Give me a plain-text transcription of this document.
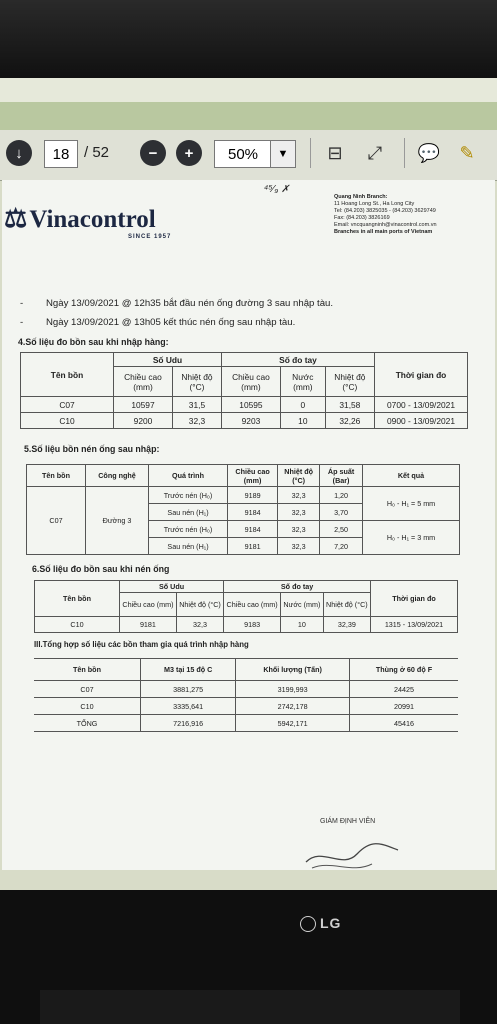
↓	18 / 52	−	+	50%	▼	⊟	⤢	💬	✎
⁴⁵⁄₉ ✗
⚖Vinacontrol
SINCE 1957
Quang Ninh Branch:
11 Hoang Long St., Ha Long City
Tel: (84.203) 3825035 - (84.203) 3629749
Fax: (84.203) 3826169
Email: vncquangninh@vinacontrol.com.vn
Branches in all main ports of Vietnam
- Ngày 13/09/2021 @ 12h35 bắt đầu nén ống đường 3 sau nhập tàu.
- Ngày 13/09/2021 @ 13h05 kết thúc nén ống sau nhập tàu.
4.Số liệu đo bồn sau khi nhập hàng:
Tên bồn	Số Udu		Số đo tay			Thời gian đo
	Chiều cao (mm)	Nhiệt độ (°C)	Chiều cao (mm)	Nước (mm)	Nhiệt độ (°C)	
C07	10597	31,5	10595	0	31,58	0700 - 13/09/2021
C10	9200	32,3	9203	10	32,26	0900 - 13/09/2021
5.Số liệu bồn nén ống sau nhập:
Tên bồn	Công nghệ	Quá trình	Chiều cao (mm)	Nhiệt độ (°C)	Áp suất (Bar)	Kết quả
C07	Đường 3	Trước nén (H₀)	9189	32,3	1,20	H₀ - H₁ = 5 mm
		Sau nén (H₁)	9184	32,3	3,70	
		Trước nén (H₀)	9184	32,3	2,50	H₀ - H₁ = 3 mm
		Sau nén (H₁)	9181	32,3	7,20	
6.Số liệu đo bồn sau khi nén ống
Tên bồn	Số Udu		Số đo tay			Thời gian đo
	Chiều cao (mm)	Nhiệt độ (°C)	Chiều cao (mm)	Nước (mm)	Nhiệt độ (°C)	
C10	9181	32,3	9183	10	32,39	1315 - 13/09/2021
III.Tổng hợp số liệu các bồn tham gia quá trình nhập hàng
Tên bồn	M3 tại 15 độ C	Khối lượng (Tấn)	Thùng ở 60 độ F
C07	3881,275	3199,993	24425
C10	3335,641	2742,178	20991
TỔNG	7216,916	5942,171	45416
GIÁM ĐỊNH VIÊN
LG
